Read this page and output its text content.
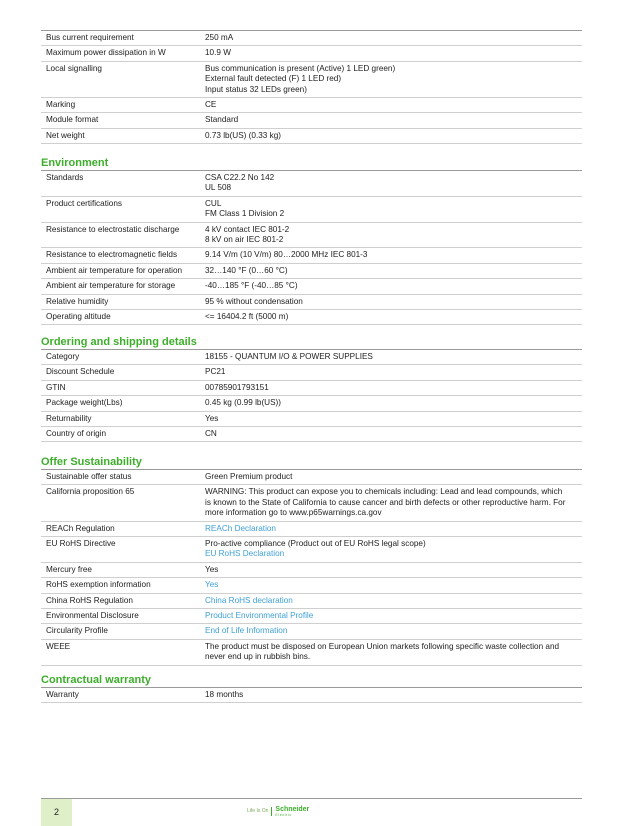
Bus current requirement	250 mA

Maximum power dissipation in W	10.9 W

Local signalling	Bus communication is present (Active) 1 LED green)
External fault detected (F) 1 LED red)
Input status 32 LEDs green)

Marking	CE

Module format	Standard

Net weight	0.73 lb(US) (0.33 kg)
Environment
Standards	CSA C22.2 No 142
UL 508

Product certifications	CUL
FM Class 1 Division 2

Resistance to electrostatic discharge	4 kV contact IEC 801-2
8 kV on air IEC 801-2

Resistance to electromagnetic fields	9.14 V/m (10 V/m) 80…2000 MHz IEC 801-3

Ambient air temperature for operation	32…140 °F (0…60 °C)

Ambient air temperature for storage	-40…185 °F (-40…85 °C)

Relative humidity	95 % without condensation

Operating altitude	<= 16404.2 ft (5000 m)
Ordering and shipping details
Category	18155 - QUANTUM I/O & POWER SUPPLIES

Discount Schedule	PC21

GTIN	00785901793151

Package weight(Lbs)	0.45 kg (0.99 lb(US))

Returnability	Yes

Country of origin	CN
Offer Sustainability
Sustainable offer status	Green Premium product

California proposition 65	WARNING: This product can expose you to chemicals including: Lead and lead compounds, which
is known to the State of California to cause cancer and birth defects or other reproductive harm. For
more information go to www.p65warnings.ca.gov

REACh Regulation	REACh Declaration

EU RoHS Directive	Pro-active compliance (Product out of EU RoHS legal scope)
EU RoHS Declaration

Mercury free	Yes

RoHS exemption information	Yes

China RoHS Regulation	China RoHS declaration

Environmental Disclosure	Product Environmental Profile

Circularity Profile	End of Life Information

WEEE	The product must be disposed on European Union markets following specific waste collection and
never end up in rubbish bins.
Contractual warranty
Warranty	18 months
2	Life Is On Schneider
Electric
